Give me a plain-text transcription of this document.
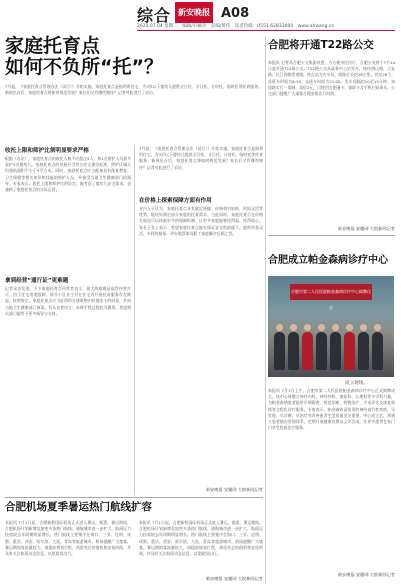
综合 新安晚报 A08
2023.07.04 星期二　编辑/石佩奇　美编/黄伟　读者热线：0551-62833000　www.ahwang.cn
家庭托育点
如何不负所“托”？
7月起，《家庭托育点管理办法（试行）》开始实施。家庭托育点是指利用住宅，为3岁以下婴幼儿提供全日托、半日托、计时托、临时托等托育服务。新规出台后，家庭托育点将如何规范发展？家长们又有哪些期待？记者对此进行了采访。
收托上限和师护比须明显要求严格
根据《办法》，家庭托育点的收托人数不应超过5人，每1名照护人员最多看护3名婴幼儿。家庭托育点的房屋应当符合住宅建设标准，照护区域人均建筑面积不少于9平方米。同时，家庭托育点应当配备具有保育教育、卫生保健等相关知识和技能的照护人员，并接受当地卫生健康部门的指导。专家表示，收托上限和师护比的设定，既考虑了婴幼儿安全需求，也兼顾了家庭托育点的实际运营。
拿到经营“通行证”更难题
记者采访发现，不少家庭托育点经营者表示，最大的难题是取得经营许可。由于住宅用途限制，部分小区业主对在住宅内开展托育服务存在顾虑。按照规定，家庭托育点应当征得所在建筑物内其他业主的同意，并向当地卫生健康部门备案。有从业者坦言：办理手续过程较为繁琐，希望相关部门能给予更多指导与支持。
在价格上探索保障方面有作用
业内人士认为，家庭托育点具有就近便捷、价格相对较低、时间灵活等优势，能较好满足部分家庭的托育需求。与此同时，家庭托育点在价格方面也可以探索更多的保障机制，让更多家庭能够托得起、托得放心。家长王女士表示：希望家庭托育点能在保证安全的前提下，提供更加灵活、多样的服务，更好地帮助双职工家庭解决后顾之忧。
新安晚报 安徽网 大皖新闻记者
7月起，《家庭托育点管理办法（试行）》开始实施。家庭托育点是指利用住宅，为3岁以下婴幼儿提供全日托、半日托、计时托、临时托等托育服务。新规出台后，家庭托育点将如何规范发展？家长们又有哪些期待？记者对此进行了采访。
合肥将开通T22路公交
本报讯 记者从合肥公交集团获悉，为方便市民出行，合肥公交将于7月10日起开通T22路公交。T22路公交从政务中心站发车，途经潜山路、习友路、长江西路等道路，终点站为火车站。线路全长约18公里，设站26个。首班车时间为6:30，末班车时间为21:00，发车间隔约10至15分钟。该线路实行一票制，票价2元，可使用合肥通卡、银联卡及手机扫码乘车。公交部门提醒广大乘客合理安排出行时间。
新安晚报 安徽网 大皖新闻记者
合肥成立帕金森病诊疗中心
合肥市第二人民医院帕金森病诊疗中心揭牌仪式
成立现场。
本报讯 7月1日上午，合肥市第二人民医院帕金森病诊疗中心正式揭牌成立。该中心将整合神经内科、神经外科、康复科、心理科等多学科力量，为帕金森病患者提供早期筛查、规范诊断、药物治疗、手术评估及康复训练等全程化诊疗服务。专家表示，帕金森病是常见的神经退行性疾病，早发现、早诊断、早治疗对改善患者生活质量至关重要。中心成立后，将建立患者随访管理体系，定期开展健康宣教及义诊活动，让更多患者在家门口享受优质医疗服务。
新安晚报 安徽网 大皖新闻记者
合肥机场夏季暑运热门航线扩容
本报讯 7月1日起，合肥新桥国际机场正式进入暑运。据悉，暑运期间，合肥机场计划新增及加密多条热门航线，通航城市进一步扩大，航班运力投放较去年同期明显增长。热门航线主要集中在海口、三亚、昆明、成都、重庆、西安、哈尔滨、大连、青岛等旅游城市。机场提醒广大旅客，暑运期间客流量较大，请提前规划行程，预留充足的值机和安检时间，并及时关注航班动态信息，以免耽误出行。
本报讯 7月1日起，合肥新桥国际机场正式进入暑运。据悉，暑运期间，合肥机场计划新增及加密多条热门航线，通航城市进一步扩大，航班运力投放较去年同期明显增长。热门航线主要集中在海口、三亚、昆明、成都、重庆、西安、哈尔滨、大连、青岛等旅游城市。机场提醒广大旅客，暑运期间客流量较大，请提前规划行程，预留充足的值机和安检时间，并及时关注航班动态信息，以免耽误出行。
新安晚报 安徽网 大皖新闻记者
